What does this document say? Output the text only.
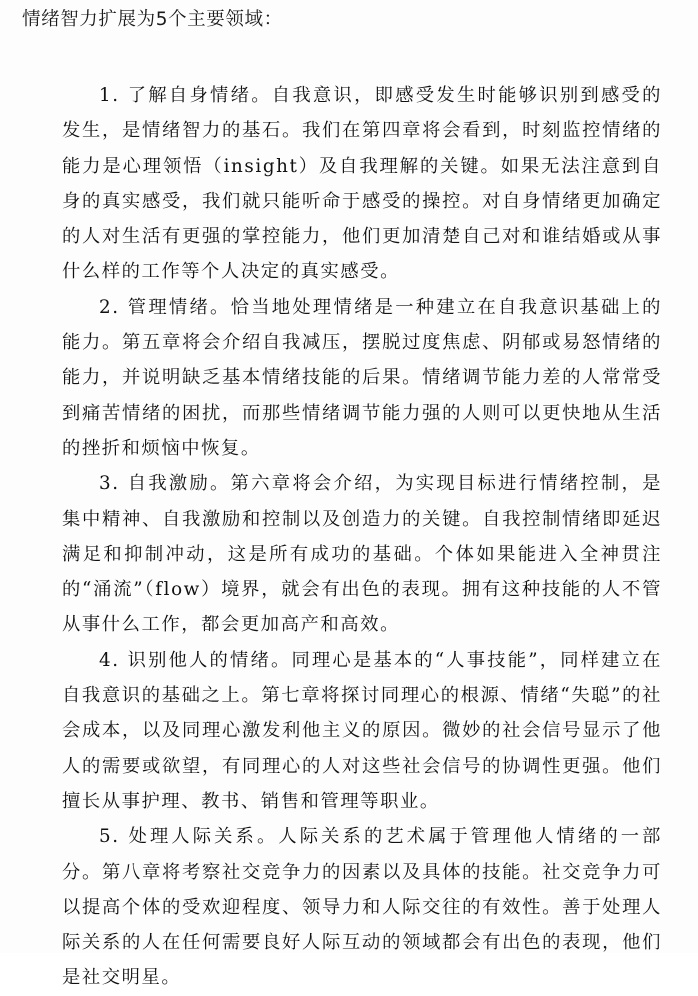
情绪智力扩展为5个主要领域：

1. 了解自身情绪。自我意识，即感受发生时能够识别到感受的发生，是情绪智力的基石。我们在第四章将会看到，时刻监控情绪的能力是心理领悟（insight）及自我理解的关键。如果无法注意到自身的真实感受，我们就只能听命于感受的操控。对自身情绪更加确定的人对生活有更强的掌控能力，他们更加清楚自己对和谁结婚或从事什么样的工作等个人决定的真实感受。

2. 管理情绪。恰当地处理情绪是一种建立在自我意识基础上的能力。第五章将会介绍自我减压，摆脱过度焦虑、阴郁或易怒情绪的能力，并说明缺乏基本情绪技能的后果。情绪调节能力差的人常常受到痛苦情绪的困扰，而那些情绪调节能力强的人则可以更快地从生活的挫折和烦恼中恢复。

3. 自我激励。第六章将会介绍，为实现目标进行情绪控制，是集中精神、自我激励和控制以及创造力的关键。自我控制情绪即延迟满足和抑制冲动，这是所有成功的基础。个体如果能进入全神贯注的“涌流”（flow）境界，就会有出色的表现。拥有这种技能的人不管从事什么工作，都会更加高产和高效。

4. 识别他人的情绪。同理心是基本的“人事技能”，同样建立在自我意识的基础之上。第七章将探讨同理心的根源、情绪“失聪”的社会成本，以及同理心激发利他主义的原因。微妙的社会信号显示了他人的需要或欲望，有同理心的人对这些社会信号的协调性更强。他们擅长从事护理、教书、销售和管理等职业。

5. 处理人际关系。人际关系的艺术属于管理他人情绪的一部分。第八章将考察社交竞争力的因素以及具体的技能。社交竞争力可以提高个体的受欢迎程度、领导力和人际交往的有效性。善于处理人际关系的人在任何需要良好人际互动的领域都会有出色的表现，他们是社交明星。
